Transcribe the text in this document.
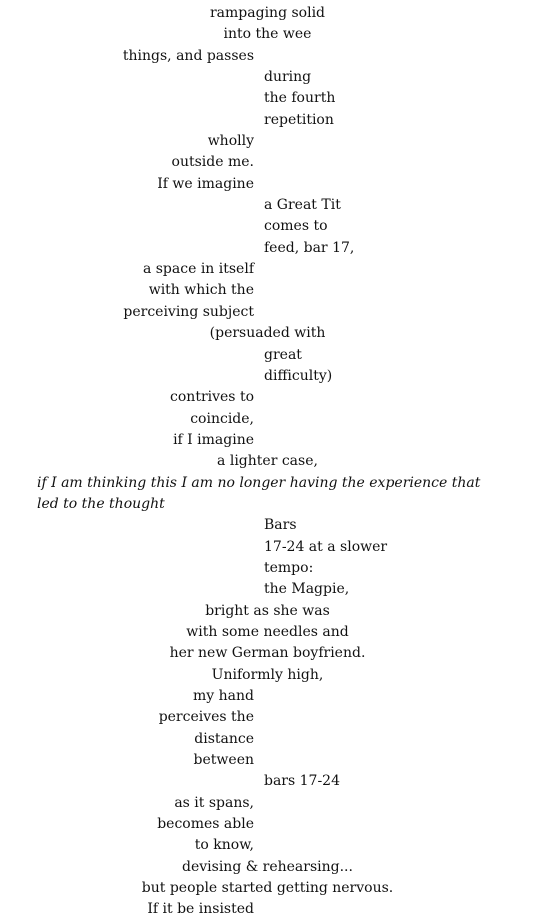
rampaging solid
into the wee
things, and passes
during
the fourth
repetition
wholly
outside me.
If we imagine
a Great Tit
comes to
feed, bar 17,
a space in itself
with which the
perceiving subject
(persuaded with
great
difficulty)
contrives to
coincide,
if I imagine
a lighter case,
if I am thinking this I am no longer having the experience that led to the thought
Bars
17-24 at a slower
tempo:
the Magpie,
bright as she was
with some needles and
her new German boyfriend.
Uniformly high,
my hand
perceives the
distance
between
bars 17-24
as it spans,
becomes able
to know,
devising & rehearsing...
but people started getting nervous.
If it be insisted
